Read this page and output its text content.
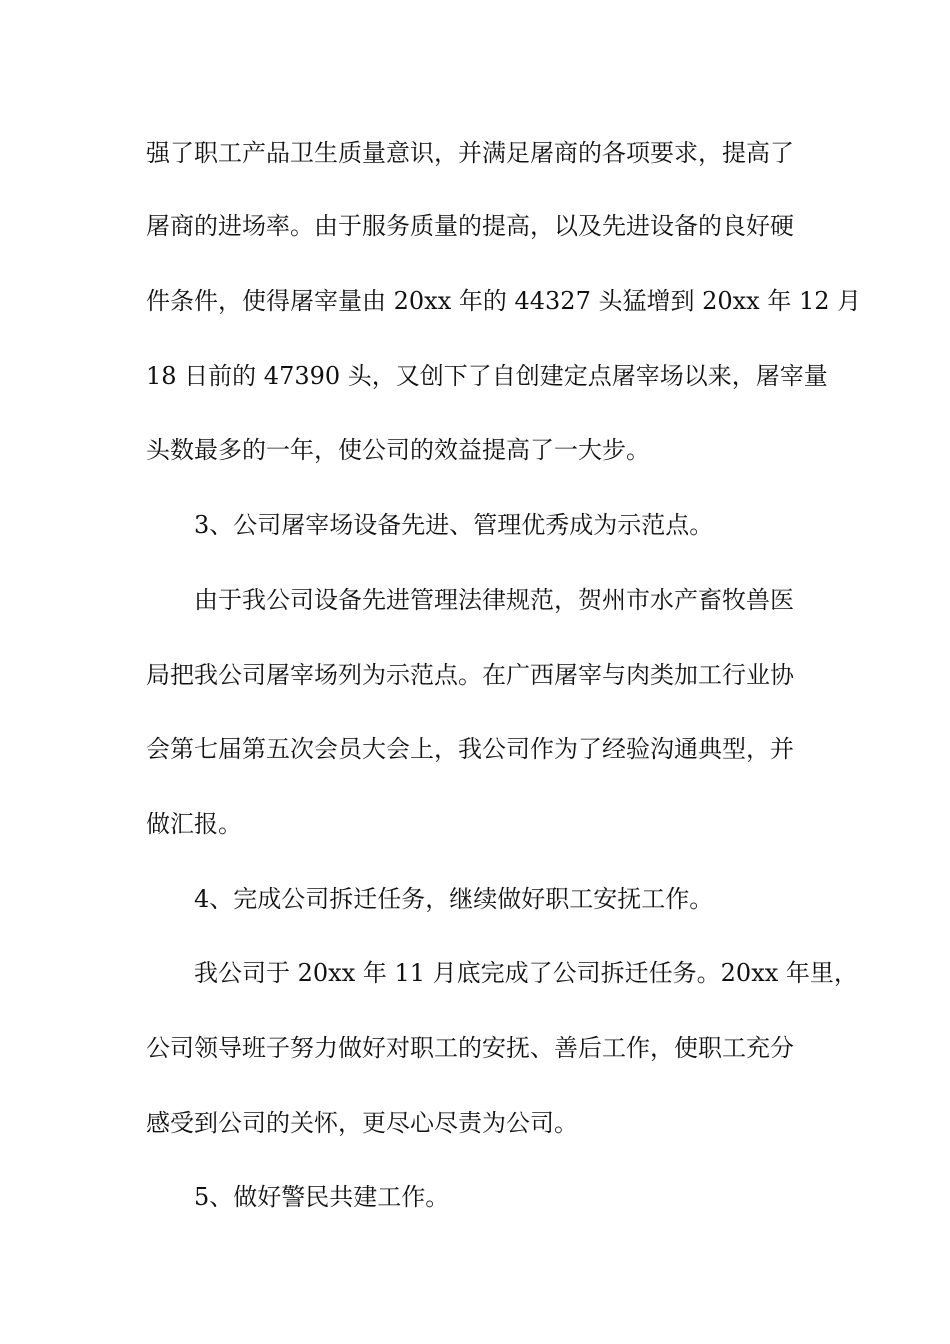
强了职工产品卫生质量意识，并满足屠商的各项要求，提高了
屠商的进场率。由于服务质量的提高，以及先进设备的良好硬
件条件，使得屠宰量由 20xx 年的 44327 头猛增到 20xx 年 12 月
18 日前的 47390 头，又创下了自创建定点屠宰场以来，屠宰量
头数最多的一年，使公司的效益提高了一大步。
3、公司屠宰场设备先进、管理优秀成为示范点。
由于我公司设备先进管理法律规范，贺州市水产畜牧兽医
局把我公司屠宰场列为示范点。在广西屠宰与肉类加工行业协
会第七届第五次会员大会上，我公司作为了经验沟通典型，并
做汇报。
4、完成公司拆迁任务，继续做好职工安抚工作。
我公司于 20xx 年 11 月底完成了公司拆迁任务。20xx 年里，
公司领导班子努力做好对职工的安抚、善后工作，使职工充分
感受到公司的关怀，更尽心尽责为公司。
5、做好警民共建工作。
